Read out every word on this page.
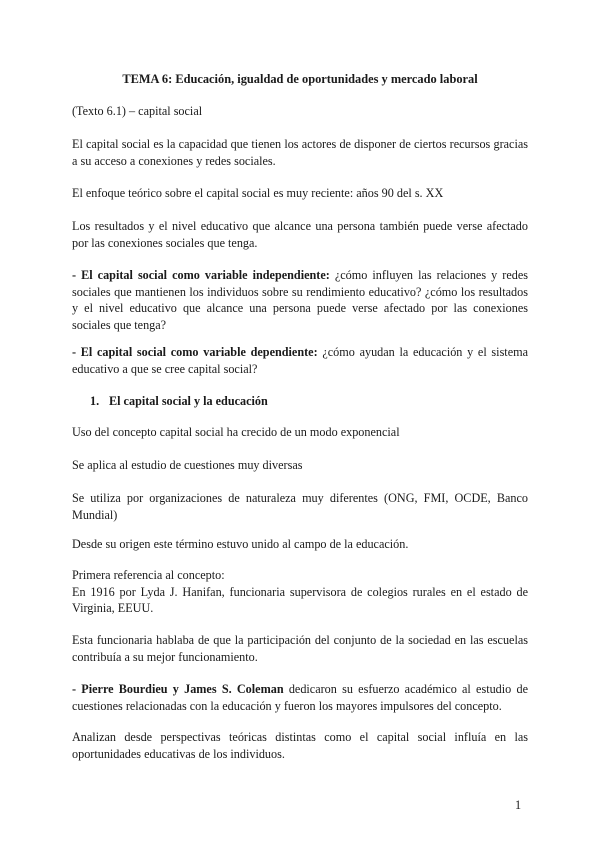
TEMA 6: Educación, igualdad de oportunidades y mercado laboral

(Texto 6.1) – capital social

El capital social es la capacidad que tienen los actores de disponer de ciertos recursos gracias a su acceso a conexiones y redes sociales.

El enfoque teórico sobre el capital social es muy reciente: años 90 del s. XX

Los resultados y el nivel educativo que alcance una persona también puede verse afectado por las conexiones sociales que tenga.

- El capital social como variable independiente: ¿cómo influyen las relaciones y redes sociales que mantienen los individuos sobre su rendimiento educativo? ¿cómo los resultados y el nivel educativo que alcance una persona puede verse afectado por las conexiones sociales que tenga?

- El capital social como variable dependiente: ¿cómo ayudan la educación y el sistema educativo a que se cree capital social?

1. El capital social y la educación

Uso del concepto capital social ha crecido de un modo exponencial

Se aplica al estudio de cuestiones muy diversas

Se utiliza por organizaciones de naturaleza muy diferentes (ONG, FMI, OCDE, Banco Mundial)

Desde su origen este término estuvo unido al campo de la educación.

Primera referencia al concepto:
En 1916 por Lyda J. Hanifan, funcionaria supervisora de colegios rurales en el estado de Virginia, EEUU.

Esta funcionaria hablaba de que la participación del conjunto de la sociedad en las escuelas contribuía a su mejor funcionamiento.

- Pierre Bourdieu y James S. Coleman dedicaron su esfuerzo académico al estudio de cuestiones relacionadas con la educación y fueron los mayores impulsores del concepto.

Analizan desde perspectivas teóricas distintas como el capital social influía en las oportunidades educativas de los individuos.

1
